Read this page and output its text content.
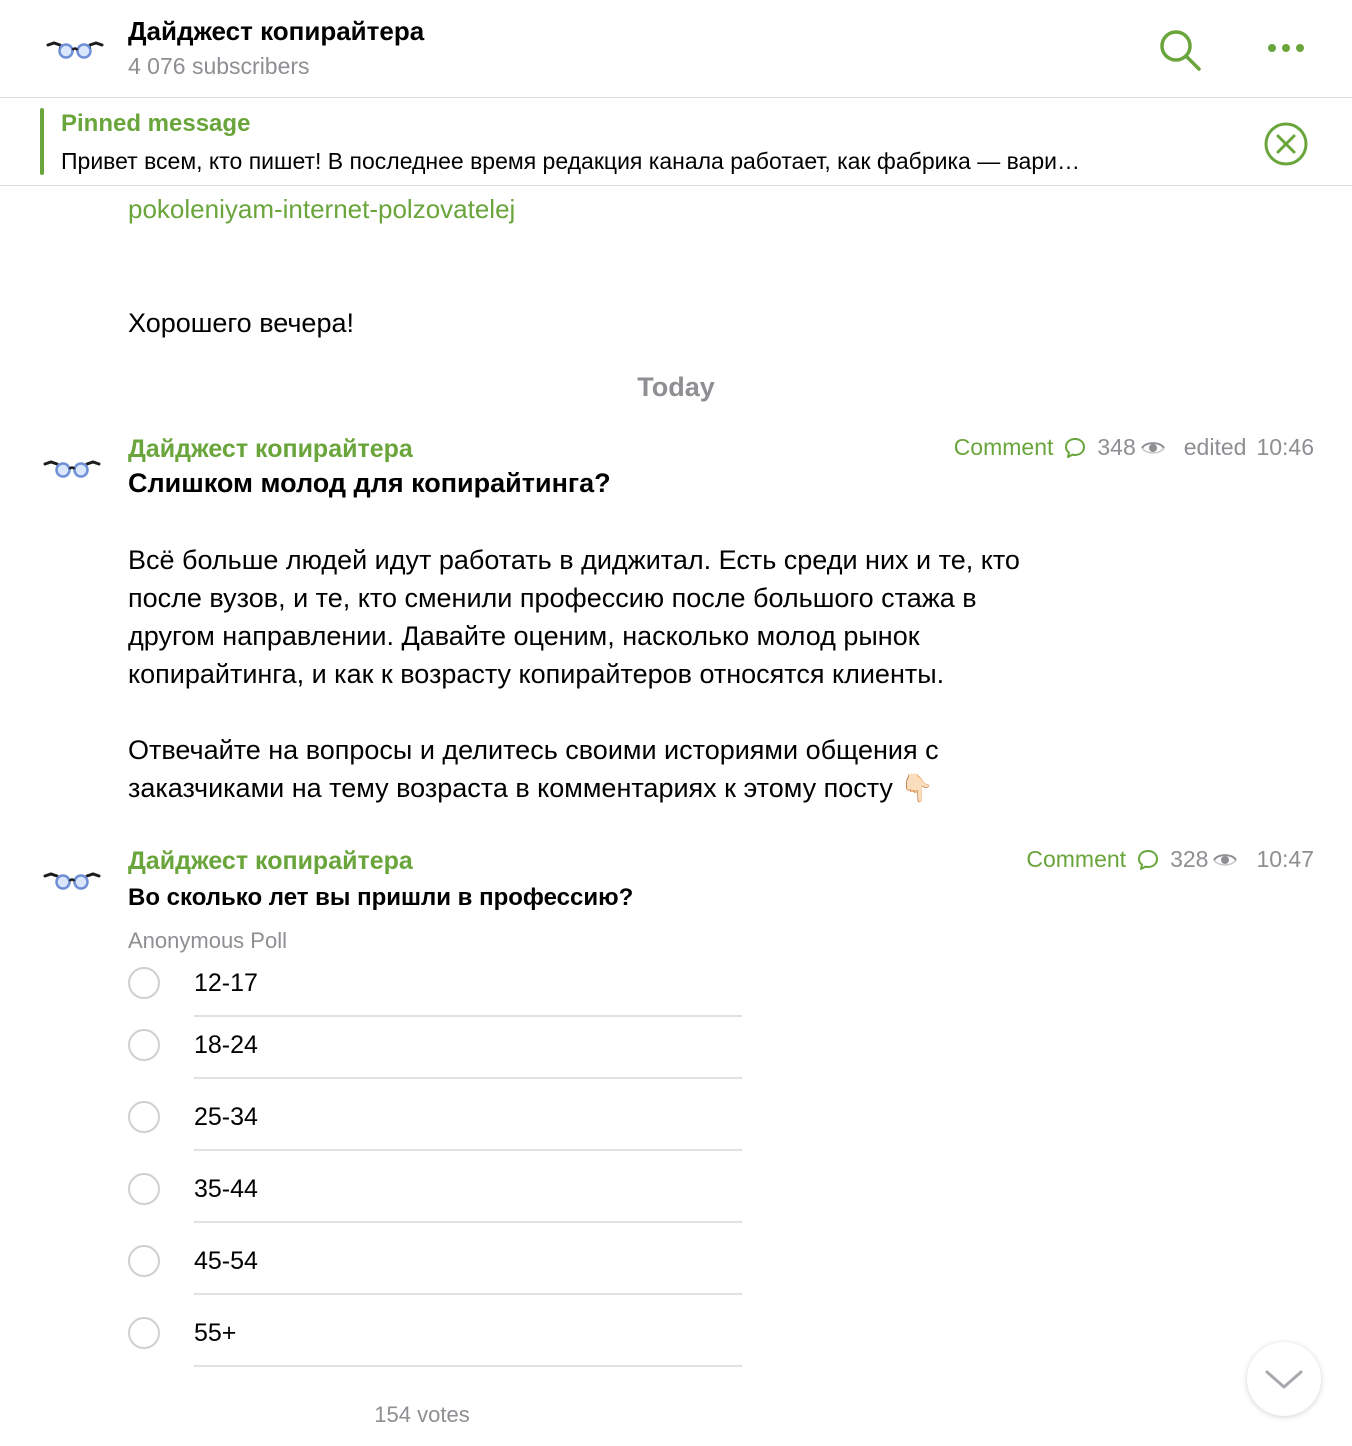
Дайджест копирайтера
4 076 subscribers
Pinned message
Привет всем, кто пишет! В последнее время редакция канала работает, как фабрика — вари…
pokoleniyam-internet-polzovatelej
Хорошего вечера!
Today
Дайджест копирайтера	Comment 348 edited 10:46
Слишком молод для копирайтинга?
Всё больше людей идут работать в диджитал. Есть среди них и те, кто
после вузов, и те, кто сменили профессию после большого стажа в
другом направлении. Давайте оценим, насколько молод рынок
копирайтинга, и как к возрасту копирайтеров относятся клиенты.
Отвечайте на вопросы и делитесь своими историями общения с
заказчиками на тему возраста в комментариях к этому посту 👇🏻
Дайджест копирайтера	Comment 328 10:47
Во сколько лет вы пришли в профессию?
Anonymous Poll
12-17
18-24
25-34
35-44
45-54
55+
154 votes
